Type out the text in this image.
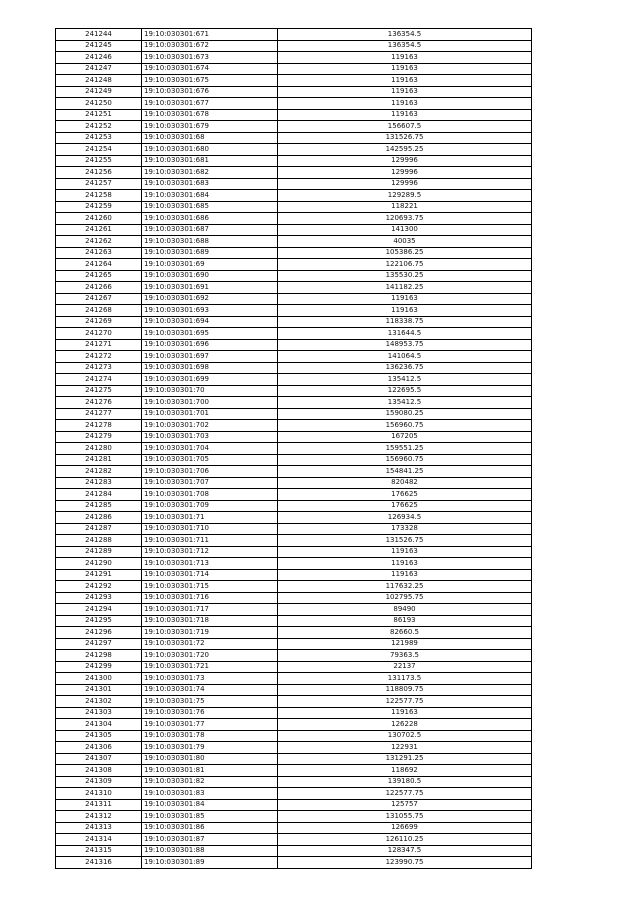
241244	19:10:030301:671	136354.5
241245	19:10:030301:672	136354.5
241246	19:10:030301:673	119163
241247	19:10:030301:674	119163
241248	19:10:030301:675	119163
241249	19:10:030301:676	119163
241250	19:10:030301:677	119163
241251	19:10:030301:678	119163
241252	19:10:030301:679	156607.5
241253	19:10:030301:68	131526.75
241254	19:10:030301:680	142595.25
241255	19:10:030301:681	129996
241256	19:10:030301:682	129996
241257	19:10:030301:683	129996
241258	19:10:030301:684	129289.5
241259	19:10:030301:685	118221
241260	19:10:030301:686	120693.75
241261	19:10:030301:687	141300
241262	19:10:030301:688	40035
241263	19:10:030301:689	105386.25
241264	19:10:030301:69	122106.75
241265	19:10:030301:690	135530.25
241266	19:10:030301:691	141182.25
241267	19:10:030301:692	119163
241268	19:10:030301:693	119163
241269	19:10:030301:694	118338.75
241270	19:10:030301:695	131644.5
241271	19:10:030301:696	148953.75
241272	19:10:030301:697	141064.5
241273	19:10:030301:698	136236.75
241274	19:10:030301:699	135412.5
241275	19:10:030301:70	122695.5
241276	19:10:030301:700	135412.5
241277	19:10:030301:701	159080.25
241278	19:10:030301:702	156960.75
241279	19:10:030301:703	167205
241280	19:10:030301:704	159551.25
241281	19:10:030301:705	156960.75
241282	19:10:030301:706	154841.25
241283	19:10:030301:707	820482
241284	19:10:030301:708	176625
241285	19:10:030301:709	176625
241286	19:10:030301:71	126934.5
241287	19:10:030301:710	173328
241288	19:10:030301:711	131526.75
241289	19:10:030301:712	119163
241290	19:10:030301:713	119163
241291	19:10:030301:714	119163
241292	19:10:030301:715	117632.25
241293	19:10:030301:716	102795.75
241294	19:10:030301:717	89490
241295	19:10:030301:718	86193
241296	19:10:030301:719	82660.5
241297	19:10:030301:72	121989
241298	19:10:030301:720	79363.5
241299	19:10:030301:721	22137
241300	19:10:030301:73	131173.5
241301	19:10:030301:74	118809.75
241302	19:10:030301:75	122577.75
241303	19:10:030301:76	119163
241304	19:10:030301:77	126228
241305	19:10:030301:78	130702.5
241306	19:10:030301:79	122931
241307	19:10:030301:80	131291.25
241308	19:10:030301:81	118692
241309	19:10:030301:82	139180.5
241310	19:10:030301:83	122577.75
241311	19:10:030301:84	125757
241312	19:10:030301:85	131055.75
241313	19:10:030301:86	126699
241314	19:10:030301:87	126110.25
241315	19:10:030301:88	128347.5
241316	19:10:030301:89	123990.75
